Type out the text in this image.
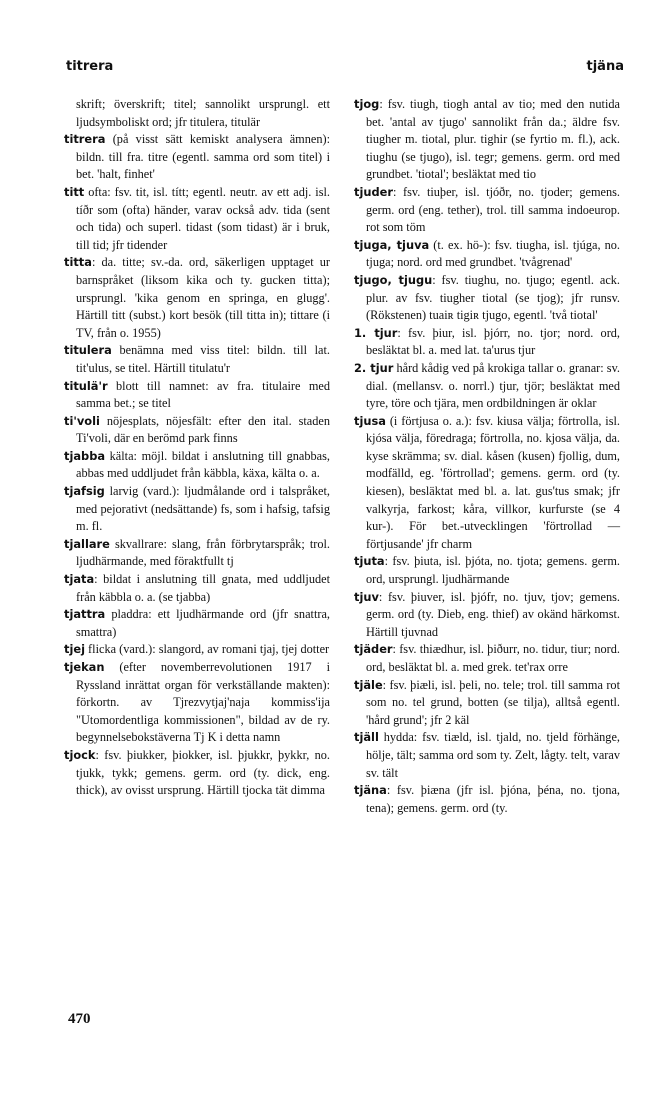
titrera	tjäna

skrift; överskrift; titel; sannolikt ursprungl. ett ljudsymboliskt ord; jfr titulera, titulär

titrera (på visst sätt kemiskt analysera ämnen): bildn. till fra. titre (egentl. samma ord som titel) i bet. 'halt, finhet'

titt ofta: fsv. tit, isl. títt; egentl. neutr. av ett adj. isl. tíðr som (ofta) händer, varav också adv. tida (sent och tida) och superl. tidast (som tidast) är i bruk, till tid; jfr tidender

titta: da. titte; sv.-da. ord, säkerligen upptaget ur barnspråket (liksom kika och ty. gucken titta); ursprungl. 'kika genom en springa, en glugg'. Härtill titt (subst.) kort besök (till titta in); tittare (i TV, från o. 1955)

titulera benämna med viss titel: bildn. till lat. tit'ulus, se titel. Härtill titulatu'r

titulä'r blott till namnet: av fra. titulaire med samma bet.; se titel

ti'voli nöjesplats, nöjesfält: efter den ital. staden Ti'voli, där en berömd park finns

tjabba kälta: möjl. bildat i anslutning till gnabbas, abbas med uddljudet från käbbla, käxa, kälta o. a.

tjafsig larvig (vard.): ljudmålande ord i talspråket, med pejorativt (nedsättande) fs, som i hafsig, tafsig m. fl.

tjallare skvallrare: slang, från förbrytarspråk; trol. ljudhärmande, med föraktfullt tj

tjata: bildat i anslutning till gnata, med uddljudet från käbbla o. a. (se tjabba)

tjattra pladdra: ett ljudhärmande ord (jfr snattra, smattra)

tjej flicka (vard.): slangord, av romani tjaj, tjej dotter

tjekan (efter novemberrevolutionen 1917 i Ryssland inrättat organ för verkställande makten): förkortn. av Tjrezvytjaj'naja kommiss'ija "Utomordentliga kommissionen", bildad av de ry. begynnelsebokstäverna Tj K i detta namn

tjock: fsv. þiukker, þiokker, isl. þjukkr, þykkr, no. tjukk, tykk; gemens. germ. ord (ty. dick, eng. thick), av ovisst ursprung. Härtill tjocka tät dimma

tjog: fsv. tiugh, tiogh antal av tio; med den nutida bet. 'antal av tjugo' sannolikt från da.; äldre fsv. tiugher m. tiotal, plur. tighir (se fyrtio m. fl.), ack. tiughu (se tjugo), isl. tegr; gemens. germ. ord med grundbet. 'tiotal'; besläktat med tio

tjuder: fsv. tiuþer, isl. tjóðr, no. tjoder; gemens. germ. ord (eng. tether), trol. till samma indoeurop. rot som töm

tjuga, tjuva (t. ex. hö-): fsv. tiugha, isl. tjúga, no. tjuga; nord. ord med grundbet. 'tvågrenad'

tjugo, tjugu: fsv. tiughu, no. tjugo; egentl. ack. plur. av fsv. tiugher tiotal (se tjog); jfr runsv. (Rökstenen) tuaiʀ tigiʀ tjugo, egentl. 'två tiotal'

1. tjur: fsv. þiur, isl. þjórr, no. tjor; nord. ord, besläktat bl. a. med lat. ta'urus tjur

2. tjur hård kådig ved på krokiga tallar o. granar: sv. dial. (mellansv. o. norrl.) tjur, tjör; besläktat med tyre, töre och tjära, men ordbildningen är oklar

tjusa (i förtjusa o. a.): fsv. kiusa välja; förtrolla, isl. kjósa välja, föredraga; förtrolla, no. kjosa välja, da. kyse skrämma; sv. dial. kåsen (kusen) fjollig, dum, modfälld, eg. 'förtrollad'; gemens. germ. ord (ty. kiesen), besläktat med bl. a. lat. gus'tus smak; jfr valkyrja, farkost; kåra, villkor, kurfurste (se 4 kur-). För bet.-utvecklingen 'förtrollad — förtjusande' jfr charm

tjuta: fsv. þiuta, isl. þjóta, no. tjota; gemens. germ. ord, ursprungl. ljudhärmande

tjuv: fsv. þiuver, isl. þjófr, no. tjuv, tjov; gemens. germ. ord (ty. Dieb, eng. thief) av okänd härkomst. Härtill tjuvnad

tjäder: fsv. thiædhur, isl. þiðurr, no. tidur, tiur; nord. ord, besläktat bl. a. med grek. tet'rax orre

tjäle: fsv. þiæli, isl. þeli, no. tele; trol. till samma rot som no. tel grund, botten (se tilja), alltså egentl. 'hård grund'; jfr 2 käl

tjäll hydda: fsv. tiæld, isl. tjald, no. tjeld förhänge, hölje, tält; samma ord som ty. Zelt, lågty. telt, varav sv. tält

tjäna: fsv. þiæna (jfr isl. þjóna, þéna, no. tjona, tena); gemens. germ. ord (ty.

470
